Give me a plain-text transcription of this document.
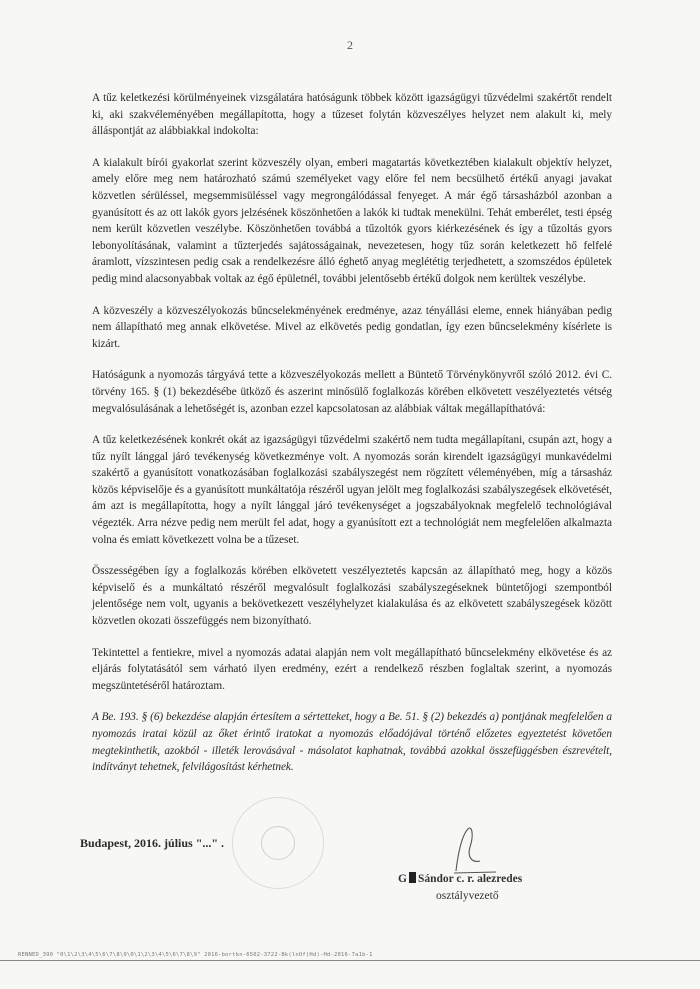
2

A tűz keletkezési körülményeinek vizsgálatára hatóságunk többek között igazságügyi tűzvédelmi szakértőt rendelt ki, aki szakvéleményében megállapította, hogy a tűzeset folytán közveszélyes helyzet nem alakult ki, mely álláspontját az alábbiakkal indokolta:

A kialakult bírói gyakorlat szerint közveszély olyan, emberi magatartás következtében kialakult objektív helyzet, amely előre meg nem határozható számú személyeket vagy előre fel nem becsülhető értékű anyagi javakat közvetlen sérüléssel, megsemmisüléssel vagy megrongálódással fenyeget. A már égő társasházból azonban a gyanúsított és az ott lakók gyors jelzésének köszönhetően a lakók ki tudtak menekülni. Tehát emberélet, testi épség nem került közvetlen veszélybe. Köszönhetően továbbá a tűzoltók gyors kiérkezésének és így a tűzoltás gyors lebonyolításának, valamint a tűzterjedés sajátosságainak, nevezetesen, hogy tűz során keletkezett hő felfelé áramlott, vízszintesen pedig csak a rendelkezésre álló éghető anyag meglététig terjedhetett, a szomszédos épületek pedig mind alacsonyabbak voltak az égő épületnél, további jelentősebb értékű dolgok nem kerültek veszélybe.

A közveszély a közveszélyokozás bűncselekményének eredménye, azaz tényállási eleme, ennek hiányában pedig nem állapítható meg annak elkövetése. Mivel az elkövetés pedig gondatlan, így ezen bűncselekmény kísérlete is kizárt.

Hatóságunk a nyomozás tárgyává tette a közveszélyokozás mellett a Büntető Törvénykönyvről szóló 2012. évi C. törvény 165. § (1) bekezdésébe ütköző és aszerint minősülő foglalkozás körében elkövetett veszélyeztetés vétség megvalósulásának a lehetőségét is, azonban ezzel kapcsolatosan az alábbiak váltak megállapíthatóvá:

A tűz keletkezésének konkrét okát az igazságügyi tűzvédelmi szakértő nem tudta megállapítani, csupán azt, hogy a tűz nyílt lánggal járó tevékenység következménye volt. A nyomozás során kirendelt igazságügyi munkavédelmi szakértő a gyanúsított vonatkozásában foglalkozási szabályszegést nem rögzített véleményében, míg a társasház közös képviselője és a gyanúsított munkáltatója részéről ugyan jelölt meg foglalkozási szabályszegések elkövetését, ám azt is megállapította, hogy a nyílt lánggal járó tevékenységet a jogszabályoknak megfelelő technológiával végezték. Arra nézve pedig nem merült fel adat, hogy a gyanúsított ezt a technológiát nem megfelelően alkalmazta volna és emiatt következett volna be a tűzeset.

Összességében így a foglalkozás körében elkövetett veszélyeztetés kapcsán az állapítható meg, hogy a közös képviselő és a munkáltató részéről megvalósult foglalkozási szabályszegéseknek büntetőjogi szempontból jelentősége nem volt, ugyanis a bekövetkezett veszélyhelyzet kialakulása és az elkövetett szabályszegések között közvetlen okozati összefüggés nem bizonyítható.

Tekintettel a fentiekre, mivel a nyomozás adatai alapján nem volt megállapítható bűncselekmény elkövetése és az eljárás folytatásától sem várható ilyen eredmény, ezért a rendelkező részben foglaltak szerint, a nyomozás megszüntetéséről határoztam.

A Be. 193. § (6) bekezdése alapján értesítem a sértetteket, hogy a Be. 51. § (2) bekezdés a) pontjának megfelelően a nyomozás iratai közül az őket érintő iratokat a nyomozás előadójával történő előzetes egyeztetést követően megtekinthetik, azokból - illeték lerovásával - másolatot kaphatnak, továbbá azokkal összefüggésben észrevételt, indítványt tehetnek, felvilágosítást kérhetnek.

Budapest, 2016. július "..." .
G Sándor c. r. alezredes
osztályvezető
RENNED_390 "0\1\2\3\4\5\6\7\8\9\0\1\2\3\4\5\6\7\8\9" 2016-bortkn-6502-3722-Bk(lnOf)Hd)-Hd-2016-7a1b-1
